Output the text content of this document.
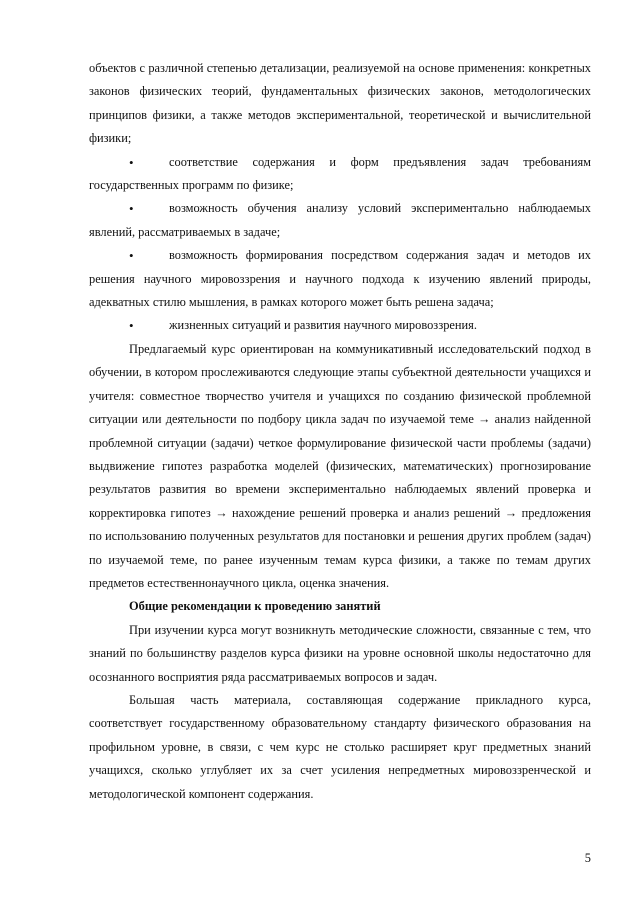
объектов с различной степенью детализации, реализуемой на основе применения: конкретных законов физических теорий, фундаментальных физических законов, методологических принципов физики, а также методов экспериментальной, теоретической и вычислительной физики;

•	соответствие содержания и форм предъявления задач требованиям государственных программ по физике;

•	возможность обучения анализу условий экспериментально наблюдаемых явлений, рассматриваемых в задаче;

•	возможность формирования посредством содержания задач и методов их решения научного мировоззрения и научного подхода к изучению явлений природы, адекватных стилю мышления, в рамках которого может быть решена задача;

•	жизненных ситуаций и развития научного мировоззрения.

Предлагаемый курс ориентирован на коммуникативный исследовательский подход в обучении, в котором прослеживаются следующие этапы субъектной деятельности учащихся и учителя: совместное творчество учителя и учащихся по созданию физической проблемной ситуации или деятельности по подбору цикла задач по изучаемой теме → анализ найденной проблемной ситуации (задачи) четкое формулирование физической части проблемы (задачи) выдвижение гипотез разработка моделей (физических, математических) прогнозирование результатов развития во времени экспериментально наблюдаемых явлений проверка и корректировка гипотез → нахождение решений проверка и анализ решений → предложения по использованию полученных результатов для постановки и решения других проблем (задач) по изучаемой теме, по ранее изученным темам курса физики, а также по темам других предметов естественнонаучного цикла, оценка значения.

Общие рекомендации к проведению занятий

При изучении курса могут возникнуть методические сложности, связанные с тем, что знаний по большинству разделов курса физики на уровне основной школы недостаточно для осознанного восприятия ряда рассматриваемых вопросов и задач.

Большая часть материала, составляющая содержание прикладного курса, соответствует государственному образовательному стандарту физического образования на профильном уровне, в связи, с чем курс не столько расширяет круг предметных знаний учащихся, сколько углубляет их за счет усиления непредметных мировоззренческой и методологической компонент содержания.

5
